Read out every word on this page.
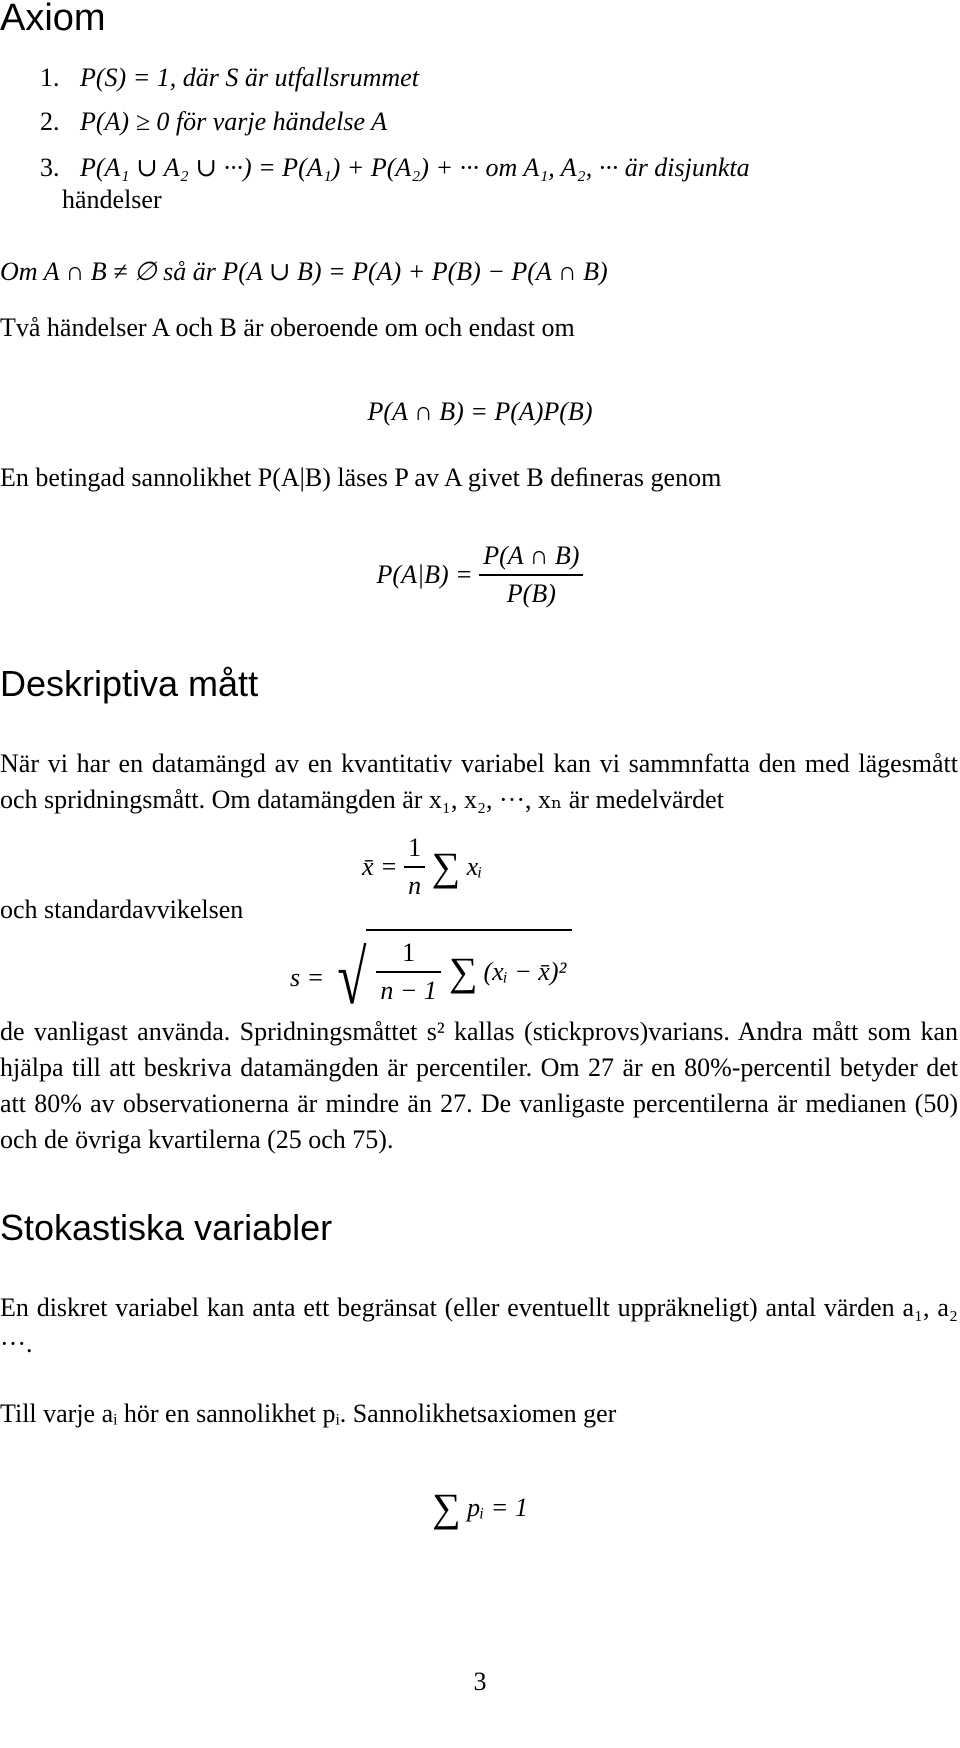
Axiom
1. P(S) = 1, där S är utfallsrummet
2. P(A) ≥ 0 för varje händelse A
3. P(A₁ ∪ A₂ ∪ ···) = P(A₁) + P(A₂) + ··· om A₁, A₂, ··· är disjunkta
händelser
Om A ∩ B ≠ ∅ så är P(A ∪ B) = P(A) + P(B) − P(A ∩ B)
Två händelser A och B är oberoende om och endast om
P(A ∩ B) = P(A)P(B)
En betingad sannolikhet P(A|B) läses P av A givet B deﬁneras genom
$P(A|B) = \frac{P(A \cap B)}{P(B)}$
Deskriptiva mått
När vi har en datamängd av en kvantitativ variabel kan vi sammnfatta den med lägesmått och spridningsmått. Om datamängden är x₁, x₂, ···, xₙ är medelvärdet
x̄ = $\frac{1}{n}$ ∑ xᵢ
och standardavvikelsen
s = √ $\frac{1}{n - 1}$ ∑ (xᵢ − x̄)²
de vanligast använda. Spridningsmåttet s² kallas (stickprovs)varians. Andra mått som kan hjälpa till att beskriva datamängden är percentiler. Om 27 är en 80%-percentil betyder det att 80% av observationerna är mindre än 27. De vanligaste percentilerna är medianen (50) och de övriga kvartilerna (25 och 75).
Stokastiska variabler
En diskret variabel kan anta ett begränsat (eller eventuellt uppräkneligt) antal värden a₁, a₂ ···.
Till varje aᵢ hör en sannolikhet pᵢ. Sannolikhetsaxiomen ger
∑ pᵢ = 1
3
